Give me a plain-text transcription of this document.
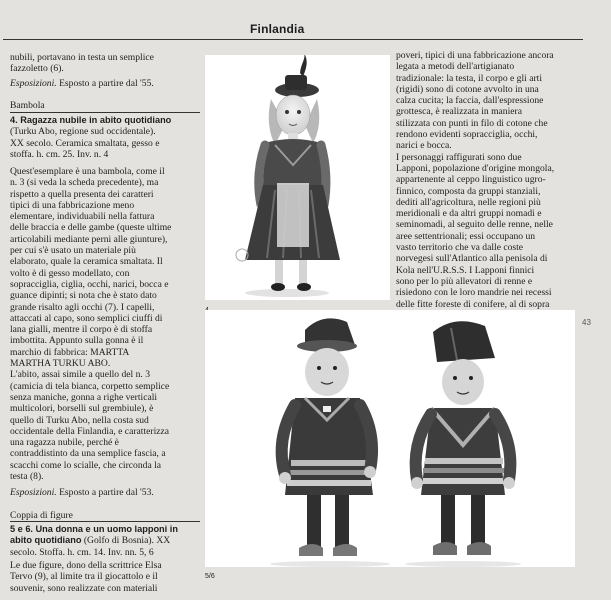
Finlandia
43

nubili, portavano in testa un semplice

fazzoletto (6).

Esposizioni. Esposto a partire dal '55.
Bambola

4. Ragazza nubile in abito quotidiano

(Turku Abo, regione sud occidentale).

XX secolo. Ceramica smaltata, gesso e

stoffa. h. cm. 25. Inv. n. 4

Quest'esemplare è una bambola, come il

n. 3 (si veda la scheda precedente), ma

rispetto a quella presenta dei caratteri

tipici di una fabbricazione meno

elementare, individuabili nella fattura

delle braccia e delle gambe (queste ultime

articolabili mediante perni alle giunture),

per cui s'è usato un materiale più

elaborato, quale la ceramica smaltata. Il

volto è di gesso modellato, con

sopracciglia, ciglia, occhi, narici, bocca e

guance dipinti; si nota che è stato dato

grande risalto agli occhi (7). I capelli,

attaccati al capo, sono semplici ciuffi di

lana gialli, mentre il corpo è di stoffa

imbottita. Appunto sulla gonna è il

marchio di fabbrica: MARTTA

MARTHA TURKU ABO.

L'abito, assai simile a quello del n. 3

(camicia di tela bianca, corpetto semplice

senza maniche, gonna a righe verticali

multicolori, borselli sul grembiule), è

quello di Turku Abo, nella costa sud

occidentale della Finlandia, e caratterizza

una ragazza nubile, perché è

contraddistinto da una semplice fascia, a

scacchi come lo scialle, che circonda la

testa (8).

Esposizioni. Esposto a partire dal '53.
Coppia di figure

5 e 6. Una donna e un uomo lapponi in

abito quotidiano (Golfo di Bosnia). XX

secolo. Stoffa. h. cm. 14. Inv. nn. 5, 6

Le due figure, dono della scrittrice Elsa

Tervo (9), al limite tra il giocattolo e il

souvenir, sono realizzate con materiali

poveri, tipici di una fabbricazione ancora

legata a metodi dell'artigianato

tradizionale: la testa, il corpo e gli arti

(rigidi) sono di cotone avvolto in una

calza cucita; la faccia, dall'espressione

grottesca, è realizzata in maniera

stilizzata con punti in filo di cotone che

rendono evidenti sopracciglia, occhi,

narici e bocca.

I personaggi raffigurati sono due

Lapponi, popolazione d'origine mongola,

appartenente al ceppo linguistico ugro-

finnico, composta da gruppi stanziali,

dediti all'agricoltura, nelle regioni più

meridionali e da altri gruppi nomadi e

seminomadi, al seguito delle renne, nelle

aree settentrionali; essi occupano un

vasto territorio che va dalle coste

norvegesi sull'Atlantico alla penisola di

Kola nell'U.R.S.S. I Lapponi finnici

sono per lo più allevatori di renne e

risiedono con le loro mandrie nei recessi

delle fitte foreste di conifere, al di sopra

5/6
